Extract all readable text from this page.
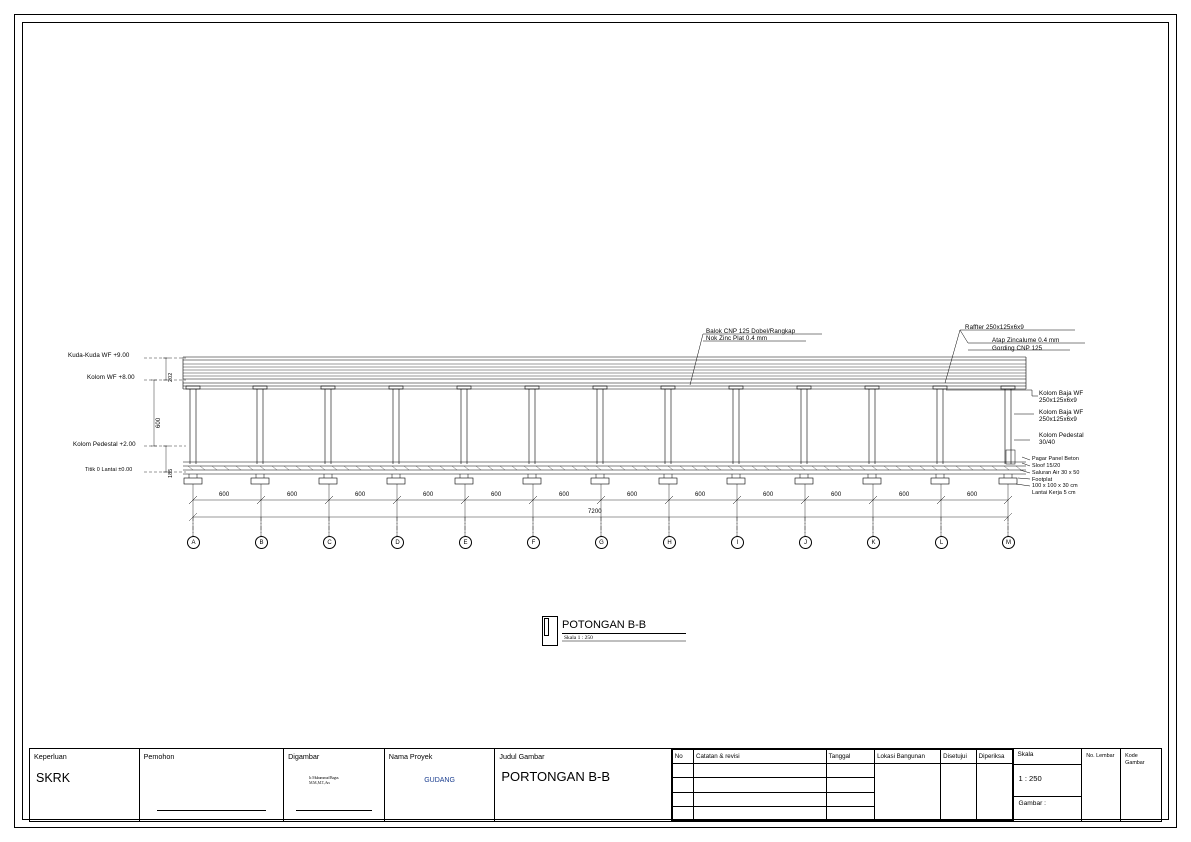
Kuda-Kuda WF +9.00
Kolom WF +8.00
Kolom Pedestal +2.00
Titik 0 Lantai ±0.00
202
600
185
600	600	600	600	600	600	600	600	600	600	600	600
7200
A	B	C	D	E	F	G	H	I	J	K	L	M
Balok CNP 125 Dobel/Rangkap
Nok Zinc Plat 0.4 mm
Raffter 250x125x6x9
Atap Zincalume 0.4 mm
Gording CNP 125
Kolom Baja WF
250x125x6x9
Kolom Baja WF
250x125x6x9
Kolom Pedestal
30/40
Pagar Panel Beton
Sloof 15/20
Saluran Air 30 x 50
Footplat
100 x 100 x 30 cm
Lantai Kerja 5 cm
POTONGAN B-B
Skala 1 : 250
Keperluan
SKRK
Pemohon	Digambar
Ir. Muhammad Bagus M.M.,M.T.,Ars
Nama Proyek
GUDANG
Judul Gambar
PORTONGAN B-B
No	Catatan & revisi	Tanggal	Lokasi Bangunan	Disetujui	Diperiksa

			Skala
1 : 250
Gambar :
No. Lembar	Kode Gambar
